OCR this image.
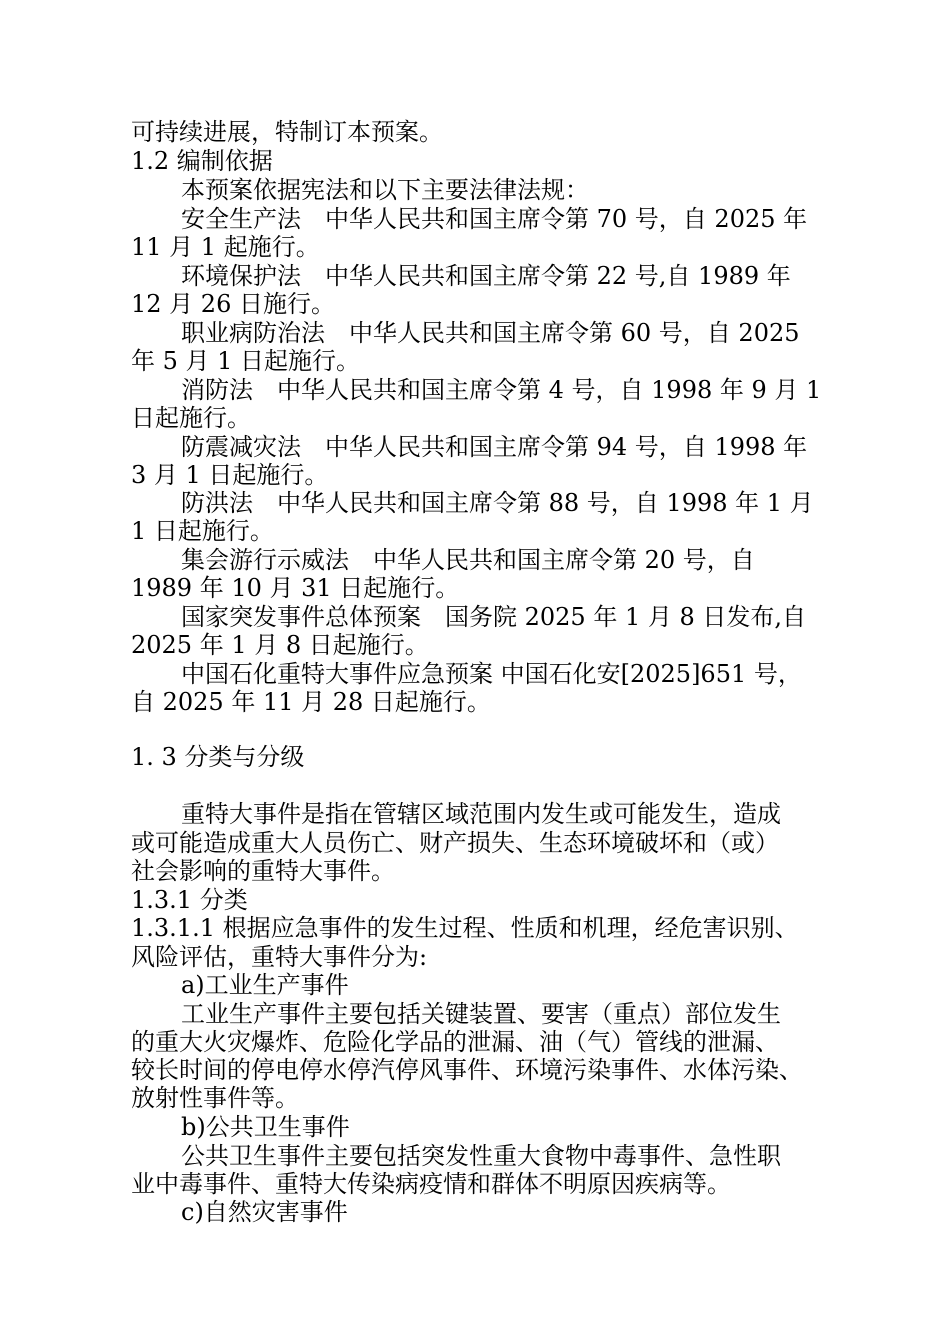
可持续进展，特制订本预案。
1.2 编制依据
本预案依据宪法和以下主要法律法规：
安全生产法　中华人民共和国主席令第 70 号，自 2025 年
11 月 1 起施行。
环境保护法　中华人民共和国主席令第 22 号,自 1989 年
12 月 26 日施行。
职业病防治法　中华人民共和国主席令第 60 号，自 2025
年 5 月 1 日起施行。
消防法　中华人民共和国主席令第 4 号，自 1998 年 9 月 1
日起施行。
防震减灾法　中华人民共和国主席令第 94 号，自 1998 年
3 月 1 日起施行。
防洪法　中华人民共和国主席令第 88 号，自 1998 年 1 月
1 日起施行。
集会游行示威法　中华人民共和国主席令第 20 号，自
1989 年 10 月 31 日起施行。
国家突发事件总体预案　国务院 2025 年 1 月 8 日发布,自
2025 年 1 月 8 日起施行。
中国石化重特大事件应急预案 中国石化安[2025]651 号，
自 2025 年 11 月 28 日起施行。
1. 3 分类与分级
重特大事件是指在管辖区域范围内发生或可能发生，造成
或可能造成重大人员伤亡、财产损失、生态环境破坏和（或）
社会影响的重特大事件。
1.3.1 分类
1.3.1.1 根据应急事件的发生过程、性质和机理，经危害识别、
风险评估，重特大事件分为:
a)工业生产事件
工业生产事件主要包括关键装置、要害（重点）部位发生
的重大火灾爆炸、危险化学品的泄漏、油（气）管线的泄漏、
较长时间的停电停水停汽停风事件、环境污染事件、水体污染、
放射性事件等。
b)公共卫生事件
公共卫生事件主要包括突发性重大食物中毒事件、急性职
业中毒事件、重特大传染病疫情和群体不明原因疾病等。
c)自然灾害事件
